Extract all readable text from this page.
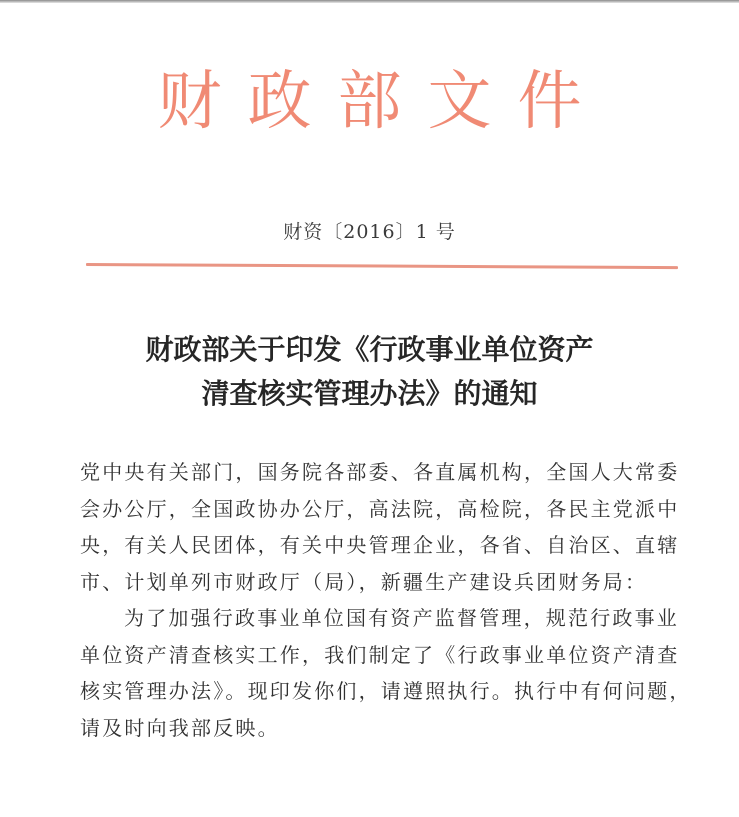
财政部文件
财资〔2016〕1 号
财政部关于印发《行政事业单位资产
清查核实管理办法》的通知

党中央有关部门，国务院各部委、各直属机构，全国人大常委会办公厅，全国政协办公厅，高法院，高检院，各民主党派中央，有关人民团体，有关中央管理企业，各省、自治区、直辖市、计划单列市财政厅（局），新疆生产建设兵团财务局：

为了加强行政事业单位国有资产监督管理，规范行政事业单位资产清查核实工作，我们制定了《行政事业单位资产清查核实管理办法》。现印发你们，请遵照执行。执行中有何问题，请及时向我部反映。
